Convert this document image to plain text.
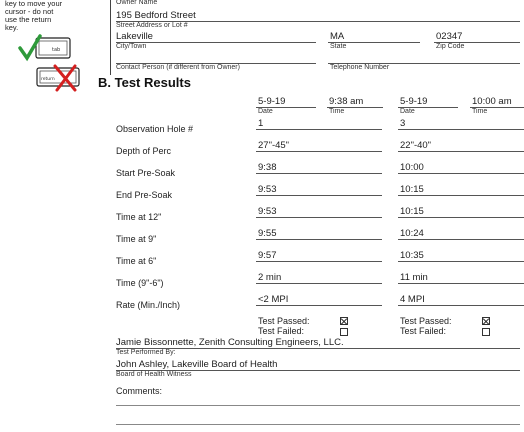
key to move your
cursor - do not
use the return
key.
tab
return
Owner Name
195 Bedford Street
Street Address or Lot #
Lakeville	MA	02347
City/Town	State	Zip Code
Contact Person (if different from Owner)	Telephone Number
B. Test Results
5-9-19	9:38 am	5-9-19	10:00 am
Date	Time	Date	Time
Observation Hole #	1	3
Depth of Perc	27"-45"	22"-40"
Start Pre-Soak	9:38	10:00
End Pre-Soak	9:53	10:15
Time at 12"	9:53	10:15
Time at 9"	9:55	10:24
Time at 6"	9:57	10:35
Time (9"-6")	2 min	11 min
Rate (Min./Inch)	<2 MPI	4 MPI
Test Passed:
Test Failed:
Test Passed:
Test Failed:
Jamie Bissonnette, Zenith Consulting Engineers, LLC.
Test Performed By:
John Ashley, Lakeville Board of Health
Board of Health Witness
Comments:
